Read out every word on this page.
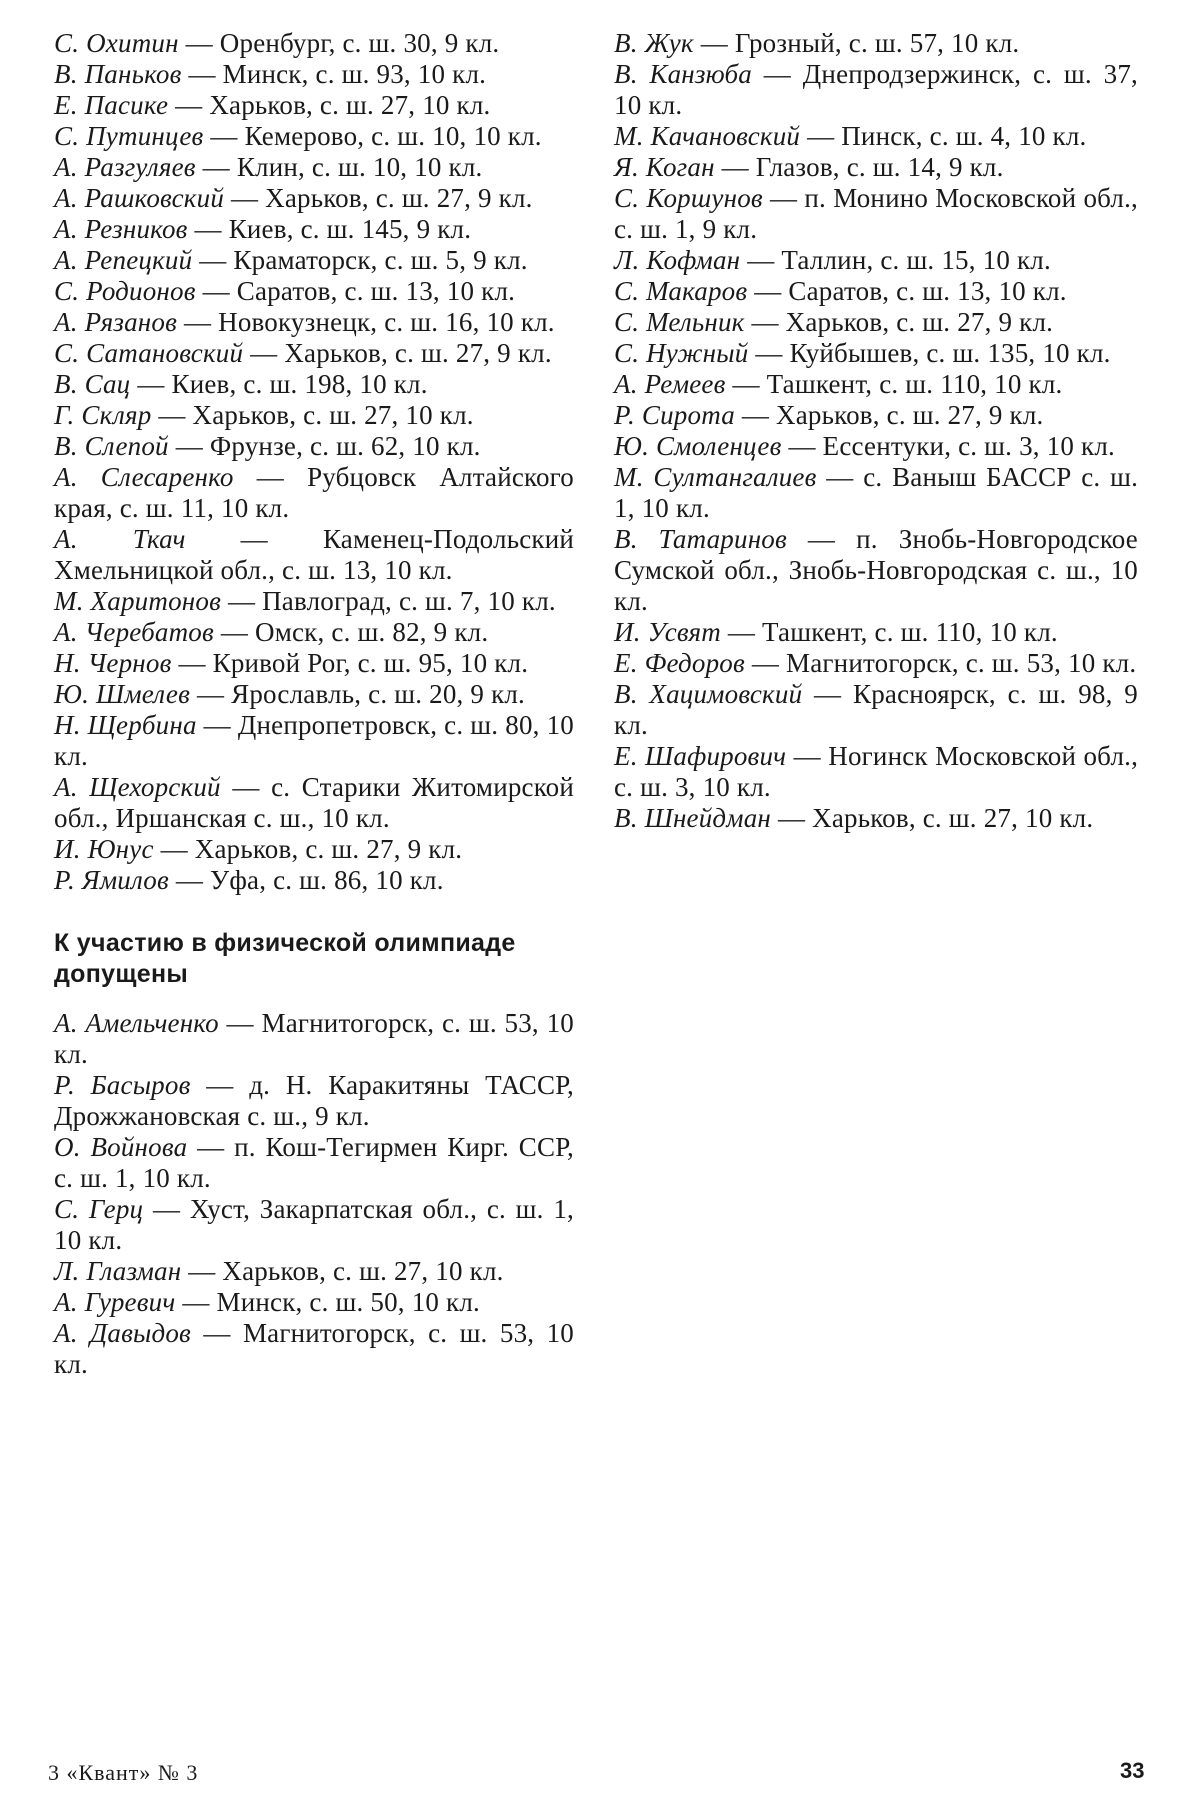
С. Охитин — Оренбург, с. ш. 30, 9 кл.

В. Паньков — Минск, с. ш. 93, 10 кл.

Е. Пасике — Харьков, с. ш. 27, 10 кл.

С. Путинцев — Кемерово, с. ш. 10, 10 кл.

А. Разгуляев — Клин, с. ш. 10, 10 кл.

А. Рашковский — Харьков, с. ш. 27, 9 кл.

А. Резников — Киев, с. ш. 145, 9 кл.

А. Репецкий — Краматорск, с. ш. 5, 9 кл.

С. Родионов — Саратов, с. ш. 13, 10 кл.

А. Рязанов — Новокузнецк, с. ш. 16, 10 кл.

С. Сатановский — Харьков, с. ш. 27, 9 кл.

В. Сац — Киев, с. ш. 198, 10 кл.

Г. Скляр — Харьков, с. ш. 27, 10 кл.

В. Слепой — Фрунзе, с. ш. 62, 10 кл.

А. Слесаренко — Рубцовск Алтайского края, с. ш. 11, 10 кл.

А. Ткач — Каменец-Подольский Хмельницкой обл., с. ш. 13, 10 кл.

М. Харитонов — Павлоград, с. ш. 7, 10 кл.

А. Черебатов — Омск, с. ш. 82, 9 кл.

Н. Чернов — Кривой Рог, с. ш. 95, 10 кл.

Ю. Шмелев — Ярославль, с. ш. 20, 9 кл.

Н. Щербина — Днепропетровск, с. ш. 80, 10 кл.

А. Щехорский — с. Старики Житомирской обл., Иршанская с. ш., 10 кл.

И. Юнус — Харьков, с. ш. 27, 9 кл.

Р. Ямилов — Уфа, с. ш. 86, 10 кл.

К участию в физической олимпиаде допущены

А. Амельченко — Магнитогорск, с. ш. 53, 10 кл.

Р. Басыров — д. Н. Каракитяны ТАССР, Дрожжановская с. ш., 9 кл.

О. Войнова — п. Кош-Тегирмен Кирг. ССР, с. ш. 1, 10 кл.

С. Герц — Хуст, Закарпатская обл., с. ш. 1, 10 кл.

Л. Глазман — Харьков, с. ш. 27, 10 кл.

А. Гуревич — Минск, с. ш. 50, 10 кл.

А. Давыдов — Магнитогорск, с. ш. 53, 10 кл.

В. Жук — Грозный, с. ш. 57, 10 кл.

В. Канзюба — Днепродзержинск, с. ш. 37, 10 кл.

М. Качановский — Пинск, с. ш. 4, 10 кл.

Я. Коган — Глазов, с. ш. 14, 9 кл.

С. Коршунов — п. Монино Московской обл., с. ш. 1, 9 кл.

Л. Кофман — Таллин, с. ш. 15, 10 кл.

С. Макаров — Саратов, с. ш. 13, 10 кл.

С. Мельник — Харьков, с. ш. 27, 9 кл.

С. Нужный — Куйбышев, с. ш. 135, 10 кл.

А. Ремеев — Ташкент, с. ш. 110, 10 кл.

Р. Сирота — Харьков, с. ш. 27, 9 кл.

Ю. Смоленцев — Ессентуки, с. ш. 3, 10 кл.

М. Султангалиев — с. Ваныш БАССР с. ш. 1, 10 кл.

В. Татаринов — п. Знобь-Новгородское Сумской обл., Знобь-Новгородская с. ш., 10 кл.

И. Усвят — Ташкент, с. ш. 110, 10 кл.

Е. Федоров — Магнитогорск, с. ш. 53, 10 кл.

В. Хацимовский — Красноярск, с. ш. 98, 9 кл.

Е. Шафирович — Ногинск Московской обл., с. ш. 3, 10 кл.

В. Шнейдман — Харьков, с. ш. 27, 10 кл.

3 «Квант» № 3	33
